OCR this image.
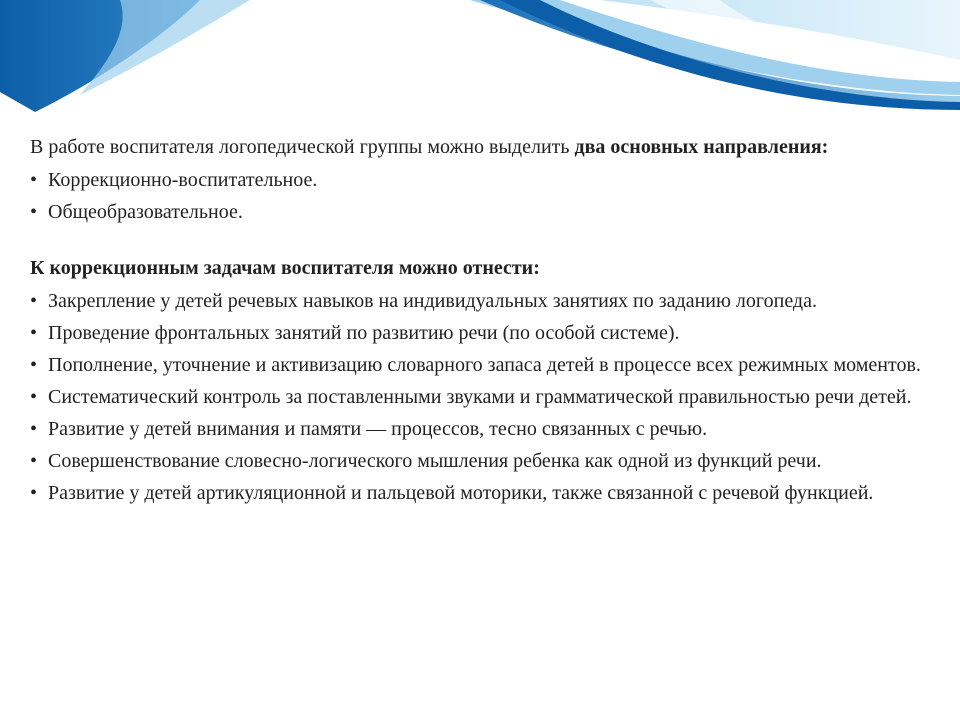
В работе воспитателя логопедической группы можно выделить два основных направления:

• Коррекционно-воспитательное.
• Общеобразовательное.

К коррекционным задачам воспитателя можно отнести:

• Закрепление у детей речевых навыков на индивидуальных занятиях по заданию логопеда.
• Проведение фронтальных занятий по развитию речи (по особой системе).
• Пополнение, уточнение и активизацию словарного запаса детей в процессе всех режимных моментов.
• Систематический контроль за поставленными звуками и грамматической правильностью речи детей.
• Развитие у детей внимания и памяти — процессов, тесно связанных с речью.
• Совершенствование словесно-логического мышления ребенка как одной из функций речи.
• Развитие у детей артикуляционной и пальцевой моторики, также связанной с речевой функцией.
